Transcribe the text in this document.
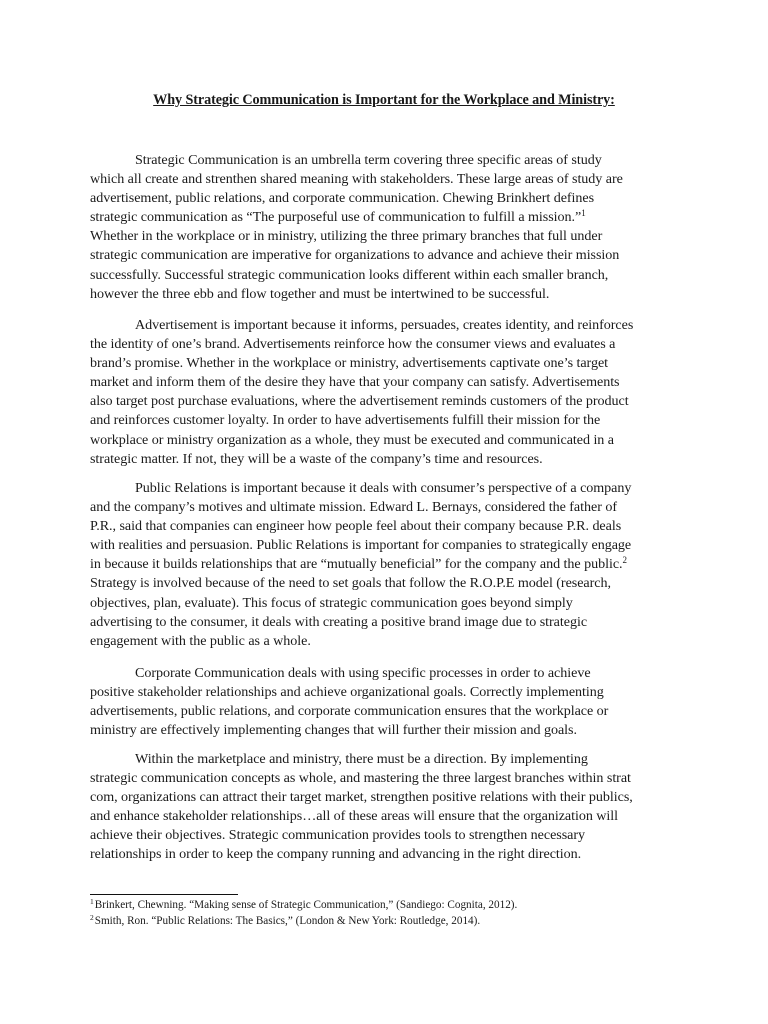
Why Strategic Communication is Important for the Workplace and Ministry:
Strategic Communication is an umbrella term covering three specific areas of study
which all create and strenthen shared meaning with stakeholders. These large areas of study are
advertisement, public relations, and corporate communication. Chewing Brinkhert defines
strategic communication as “The purposeful use of communication to fulfill a mission.”$^1$
Whether in the workplace or in ministry, utilizing the three primary branches that full under
strategic communication are imperative for organizations to advance and achieve their mission
successfully. Successful strategic communication looks different within each smaller branch,
however the three ebb and flow together and must be intertwined to be successful.
Advertisement is important because it informs, persuades, creates identity, and reinforces
the identity of one’s brand. Advertisements reinforce how the consumer views and evaluates a
brand’s promise. Whether in the workplace or ministry, advertisements captivate one’s target
market and inform them of the desire they have that your company can satisfy. Advertisements
also target post purchase evaluations, where the advertisement reminds customers of the product
and reinforces customer loyalty. In order to have advertisements fulfill their mission for the
workplace or ministry organization as a whole, they must be executed and communicated in a
strategic matter. If not, they will be a waste of the company’s time and resources.
Public Relations is important because it deals with consumer’s perspective of a company
and the company’s motives and ultimate mission. Edward L. Bernays, considered the father of
P.R., said that companies can engineer how people feel about their company because P.R. deals
with realities and persuasion. Public Relations is important for companies to strategically engage
in because it builds relationships that are “mutually beneficial” for the company and the public.$^2$
Strategy is involved because of the need to set goals that follow the R.O.P.E model (research,
objectives, plan, evaluate). This focus of strategic communication goes beyond simply
advertising to the consumer, it deals with creating a positive brand image due to strategic
engagement with the public as a whole.
Corporate Communication deals with using specific processes in order to achieve
positive stakeholder relationships and achieve organizational goals. Correctly implementing
advertisements, public relations, and corporate communication ensures that the workplace or
ministry are effectively implementing changes that will further their mission and goals.
Within the marketplace and ministry, there must be a direction. By implementing
strategic communication concepts as whole, and mastering the three largest branches within strat
com, organizations can attract their target market, strengthen positive relations with their publics,
and enhance stakeholder relationships…all of these areas will ensure that the organization will
achieve their objectives. Strategic communication provides tools to strengthen necessary
relationships in order to keep the company running and advancing in the right direction.
$^1$Brinkert, Chewning. “Making sense of Strategic Communication,” (Sandiego: Cognita, 2012).
$^2$Smith, Ron. “Public Relations: The Basics,” (London & New York: Routledge, 2014).
